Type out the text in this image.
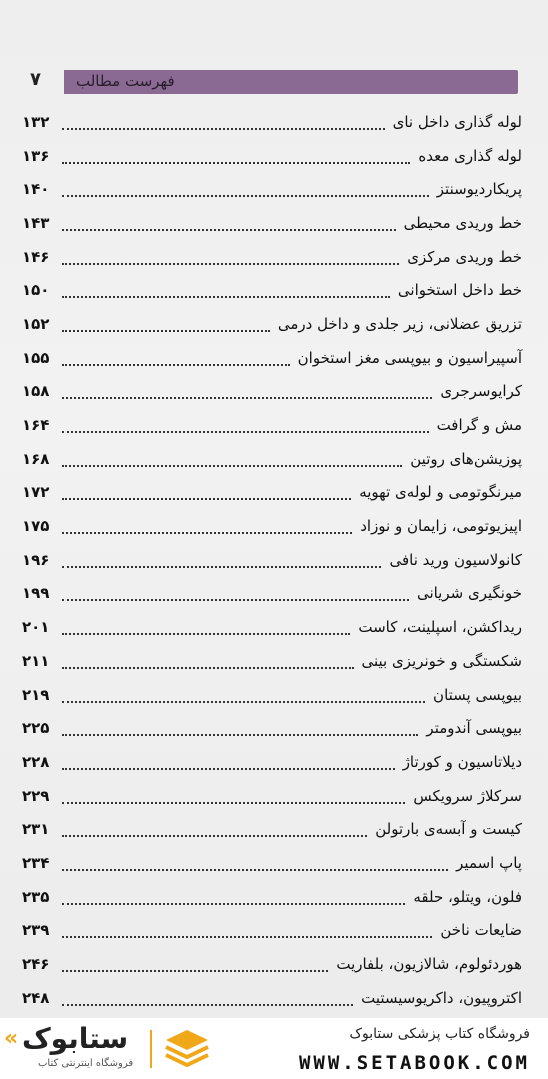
۷ فهرست مطالب
لوله گذاری داخل نای
۱۳۲
لوله گذاری معده
۱۳۶
پریکاردیوسنتز
۱۴۰
خط وریدی محیطی
۱۴۳
خط وریدی مرکزی
۱۴۶
خط داخل استخوانی
۱۵۰
تزریق عضلانی، زیر جلدی و داخل درمی
۱۵۲
آسپیراسیون و بیوپسی مغز استخوان
۱۵۵
کرایوسرجری
۱۵۸
مش و گرافت
۱۶۴
پوزیشن‌های روتین
۱۶۸
میرنگوتومی و لوله‌ی تهویه
۱۷۲
اپیزیوتومی، زایمان و نوزاد
۱۷۵
کانولاسیون ورید نافی
۱۹۶
خونگیری شریانی
۱۹۹
ریداکشن، اسپلینت، کاست
۲۰۱
شکستگی و خونریزی بینی
۲۱۱
بیوپسی پستان
۲۱۹
بیوپسی آندومتر
۲۲۵
دیلاتاسیون و کورتاژ
۲۲۸
سرکلاژ سرویکس
۲۲۹
کیست و آبسه‌ی بارتولن
۲۳۱
پاپ اسمیر
۲۳۴
فلون، ویتلو، حلقه
۲۳۵
ضایعات ناخن
۲۳۹
هوردئولوم، شالازیون، بلفاریت
۲۴۶
اکتروپیون، داکریوسیستیت
۲۴۸
« ستابوک
فروشگاه اینترنتی کتاب
فروشگاه کتاب پزشکی ستابوک
WWW.SETABOOK.COM
